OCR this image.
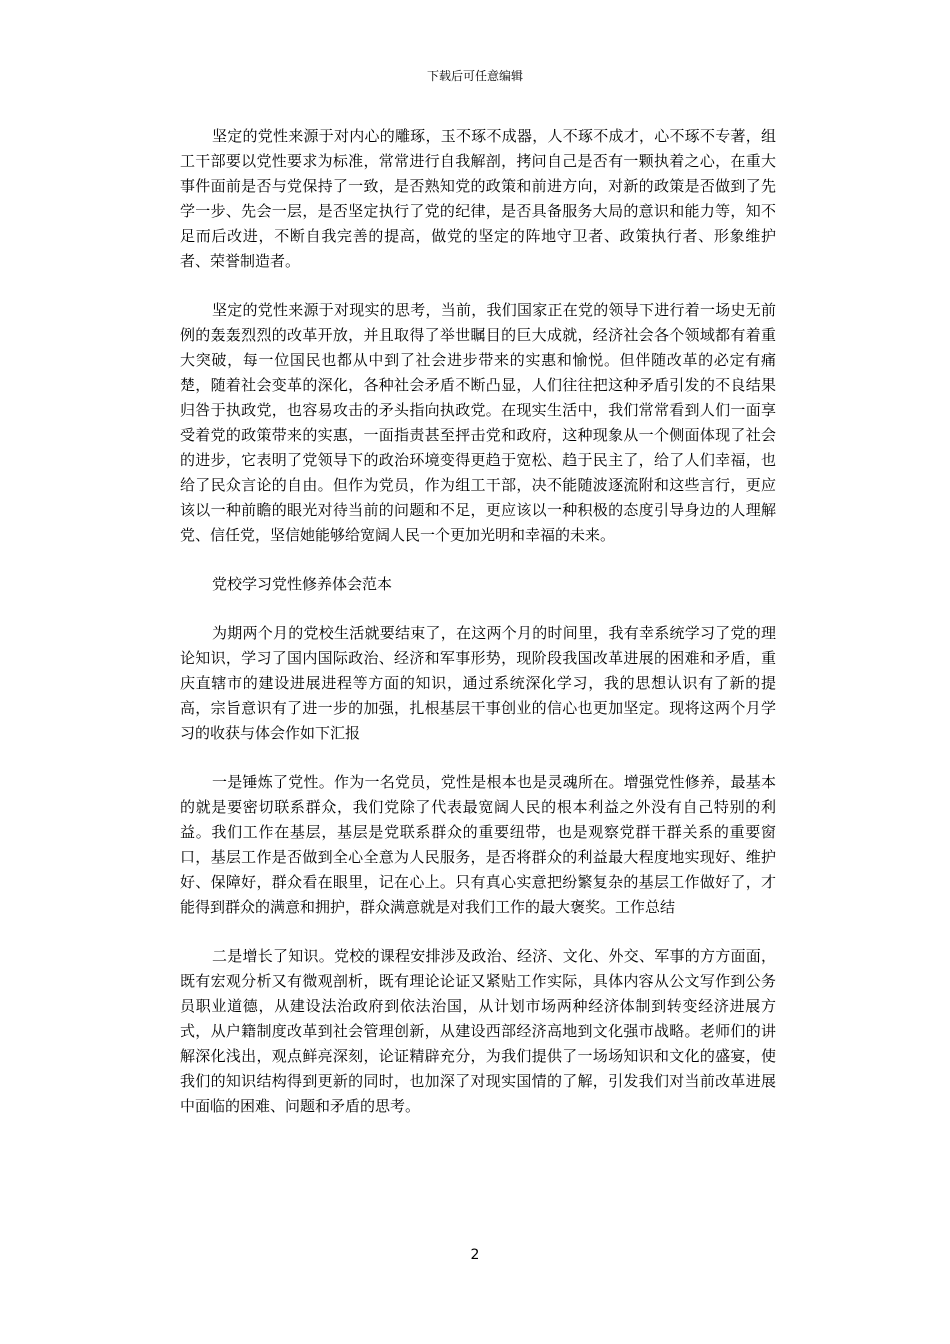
下载后可任意编辑

坚定的党性来源于对内心的雕琢，玉不琢不成器，人不琢不成才，心不琢不专著，组工干部要以党性要求为标准，常常进行自我解剖，拷问自己是否有一颗执着之心，在重大事件面前是否与党保持了一致，是否熟知党的政策和前进方向，对新的政策是否做到了先学一步、先会一层，是否坚定执行了党的纪律，是否具备服务大局的意识和能力等，知不足而后改进，不断自我完善的提高，做党的坚定的阵地守卫者、政策执行者、形象维护者、荣誉制造者。

坚定的党性来源于对现实的思考，当前，我们国家正在党的领导下进行着一场史无前例的轰轰烈烈的改革开放，并且取得了举世瞩目的巨大成就，经济社会各个领域都有着重大突破，每一位国民也都从中到了社会进步带来的实惠和愉悦。但伴随改革的必定有痛楚，随着社会变革的深化，各种社会矛盾不断凸显，人们往往把这种矛盾引发的不良结果归咎于执政党，也容易攻击的矛头指向执政党。在现实生活中，我们常常看到人们一面享受着党的政策带来的实惠，一面指责甚至抨击党和政府，这种现象从一个侧面体现了社会的进步，它表明了党领导下的政治环境变得更趋于宽松、趋于民主了，给了人们幸福，也给了民众言论的自由。但作为党员，作为组工干部，决不能随波逐流附和这些言行，更应该以一种前瞻的眼光对待当前的问题和不足，更应该以一种积极的态度引导身边的人理解党、信任党，坚信她能够给宽阔人民一个更加光明和幸福的未来。

党校学习党性修养体会范本

为期两个月的党校生活就要结束了，在这两个月的时间里，我有幸系统学习了党的理论知识，学习了国内国际政治、经济和军事形势，现阶段我国改革进展的困难和矛盾，重庆直辖市的建设进展进程等方面的知识，通过系统深化学习，我的思想认识有了新的提高，宗旨意识有了进一步的加强，扎根基层干事创业的信心也更加坚定。现将这两个月学习的收获与体会作如下汇报

一是锤炼了党性。作为一名党员，党性是根本也是灵魂所在。增强党性修养，最基本的就是要密切联系群众，我们党除了代表最宽阔人民的根本利益之外没有自己特别的利益。我们工作在基层，基层是党联系群众的重要纽带，也是观察党群干群关系的重要窗口，基层工作是否做到全心全意为人民服务，是否将群众的利益最大程度地实现好、维护好、保障好，群众看在眼里，记在心上。只有真心实意把纷繁复杂的基层工作做好了，才能得到群众的满意和拥护，群众满意就是对我们工作的最大褒奖。工作总结

二是增长了知识。党校的课程安排涉及政治、经济、文化、外交、军事的方方面面，既有宏观分析又有微观剖析，既有理论论证又紧贴工作实际，具体内容从公文写作到公务员职业道德，从建设法治政府到依法治国，从计划市场两种经济体制到转变经济进展方式，从户籍制度改革到社会管理创新，从建设西部经济高地到文化强市战略。老师们的讲解深化浅出，观点鲜亮深刻，论证精辟充分，为我们提供了一场场知识和文化的盛宴，使我们的知识结构得到更新的同时，也加深了对现实国情的了解，引发我们对当前改革进展中面临的困难、问题和矛盾的思考。

2
